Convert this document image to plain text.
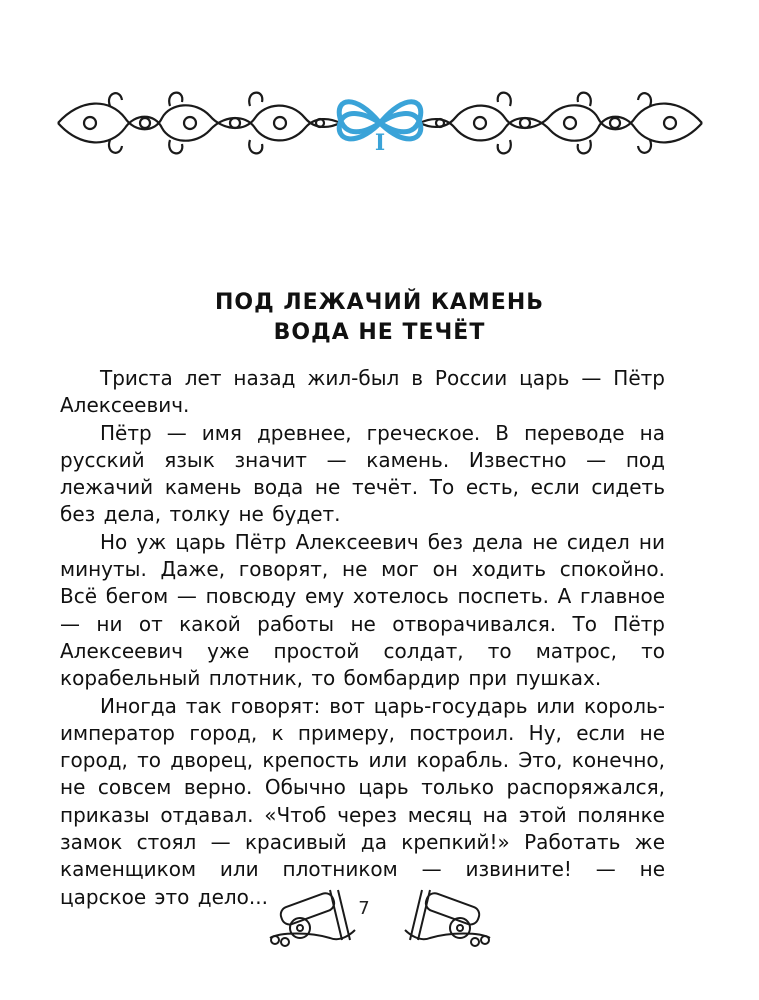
I
ПОД ЛЕЖАЧИЙ КАМЕНЬ
ВОДА НЕ ТЕЧЁТ

Триста лет назад жил-был в России царь — Пётр Алексеевич.

Пётр — имя древнее, греческое. В переводе на русский язык значит — камень. Известно — под лежачий камень вода не течёт. То есть, если сидеть без дела, толку не будет.

Но уж царь Пётр Алексеевич без дела не сидел ни минуты. Даже, говорят, не мог он ходить спокойно. Всё бегом — повсюду ему хотелось поспеть. А главное — ни от какой работы не отворачивался. То Пётр Алексеевич уже простой солдат, то матрос, то корабельный плотник, то бомбардир при пушках.

Иногда так говорят: вот царь-государь или король-император город, к примеру, построил. Ну, если не город, то дворец, крепость или корабль. Это, конечно, не совсем верно. Обычно царь только распоряжался, приказы отдавал. «Чтоб через месяц на этой полянке замок стоял — красивый да крепкий!» Работать же каменщиком или плотником — извините! — не царское это дело...	7
